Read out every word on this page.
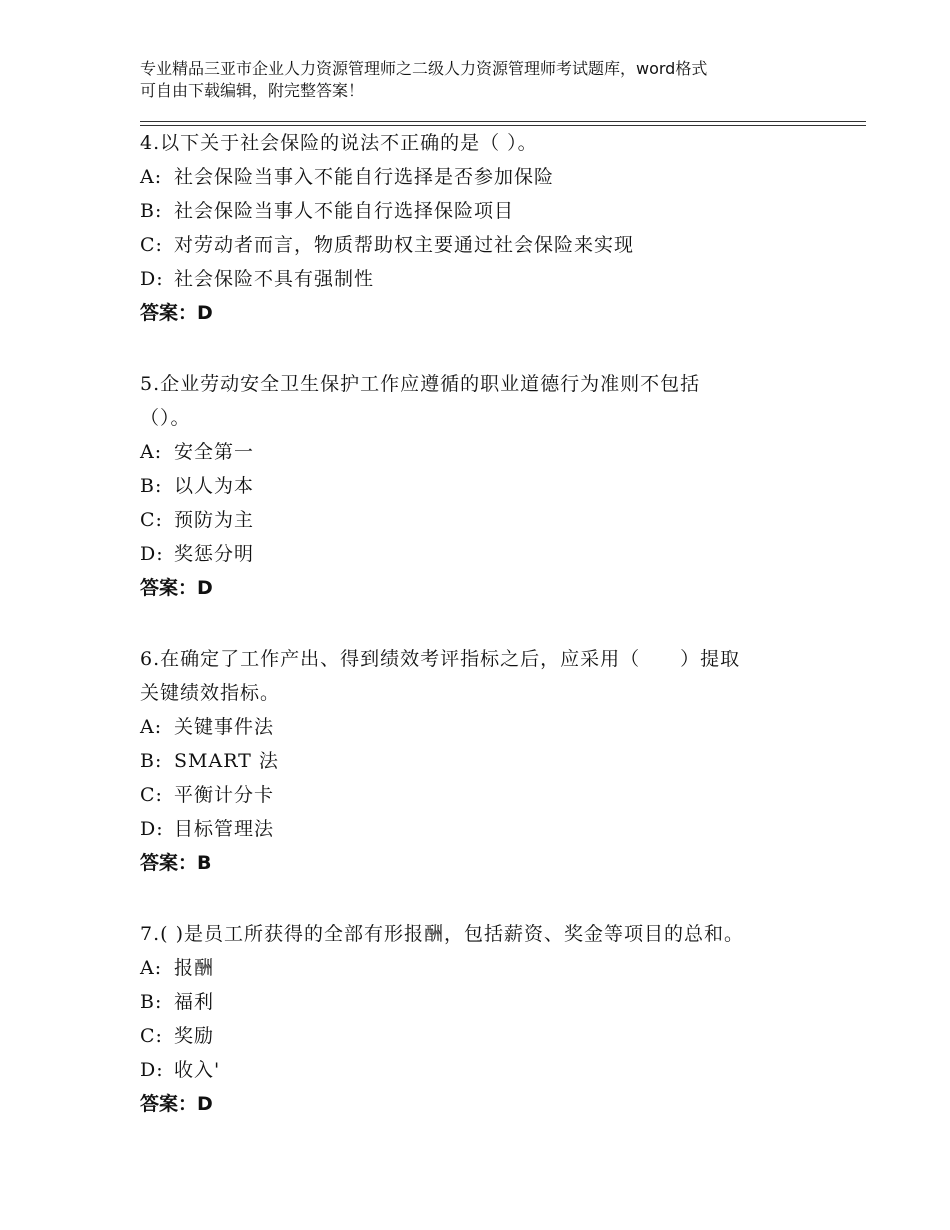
专业精品三亚市企业人力资源管理师之二级人力资源管理师考试题库，word格式
可自由下载编辑，附完整答案！
4.以下关于社会保险的说法不正确的是（ ）。
A: 社会保险当事入不能自行选择是否参加保险
B: 社会保险当事人不能自行选择保险项目
C: 对劳动者而言，物质帮助权主要通过社会保险来实现
D: 社会保险不具有强制性
答案：D
5.企业劳动安全卫生保护工作应遵循的职业道德行为准则不包括
（）。
A: 安全第一
B: 以人为本
C: 预防为主
D: 奖惩分明
答案：D
6.在确定了工作产出、得到绩效考评指标之后，应采用（　　）提取
关键绩效指标。
A: 关键事件法
B: SMART 法
C: 平衡计分卡
D: 目标管理法
答案：B
7.( )是员工所获得的全部有形报酬，包括薪资、奖金等项目的总和。
A: 报酬
B: 福利
C: 奖励
D: 收入'
答案：D
